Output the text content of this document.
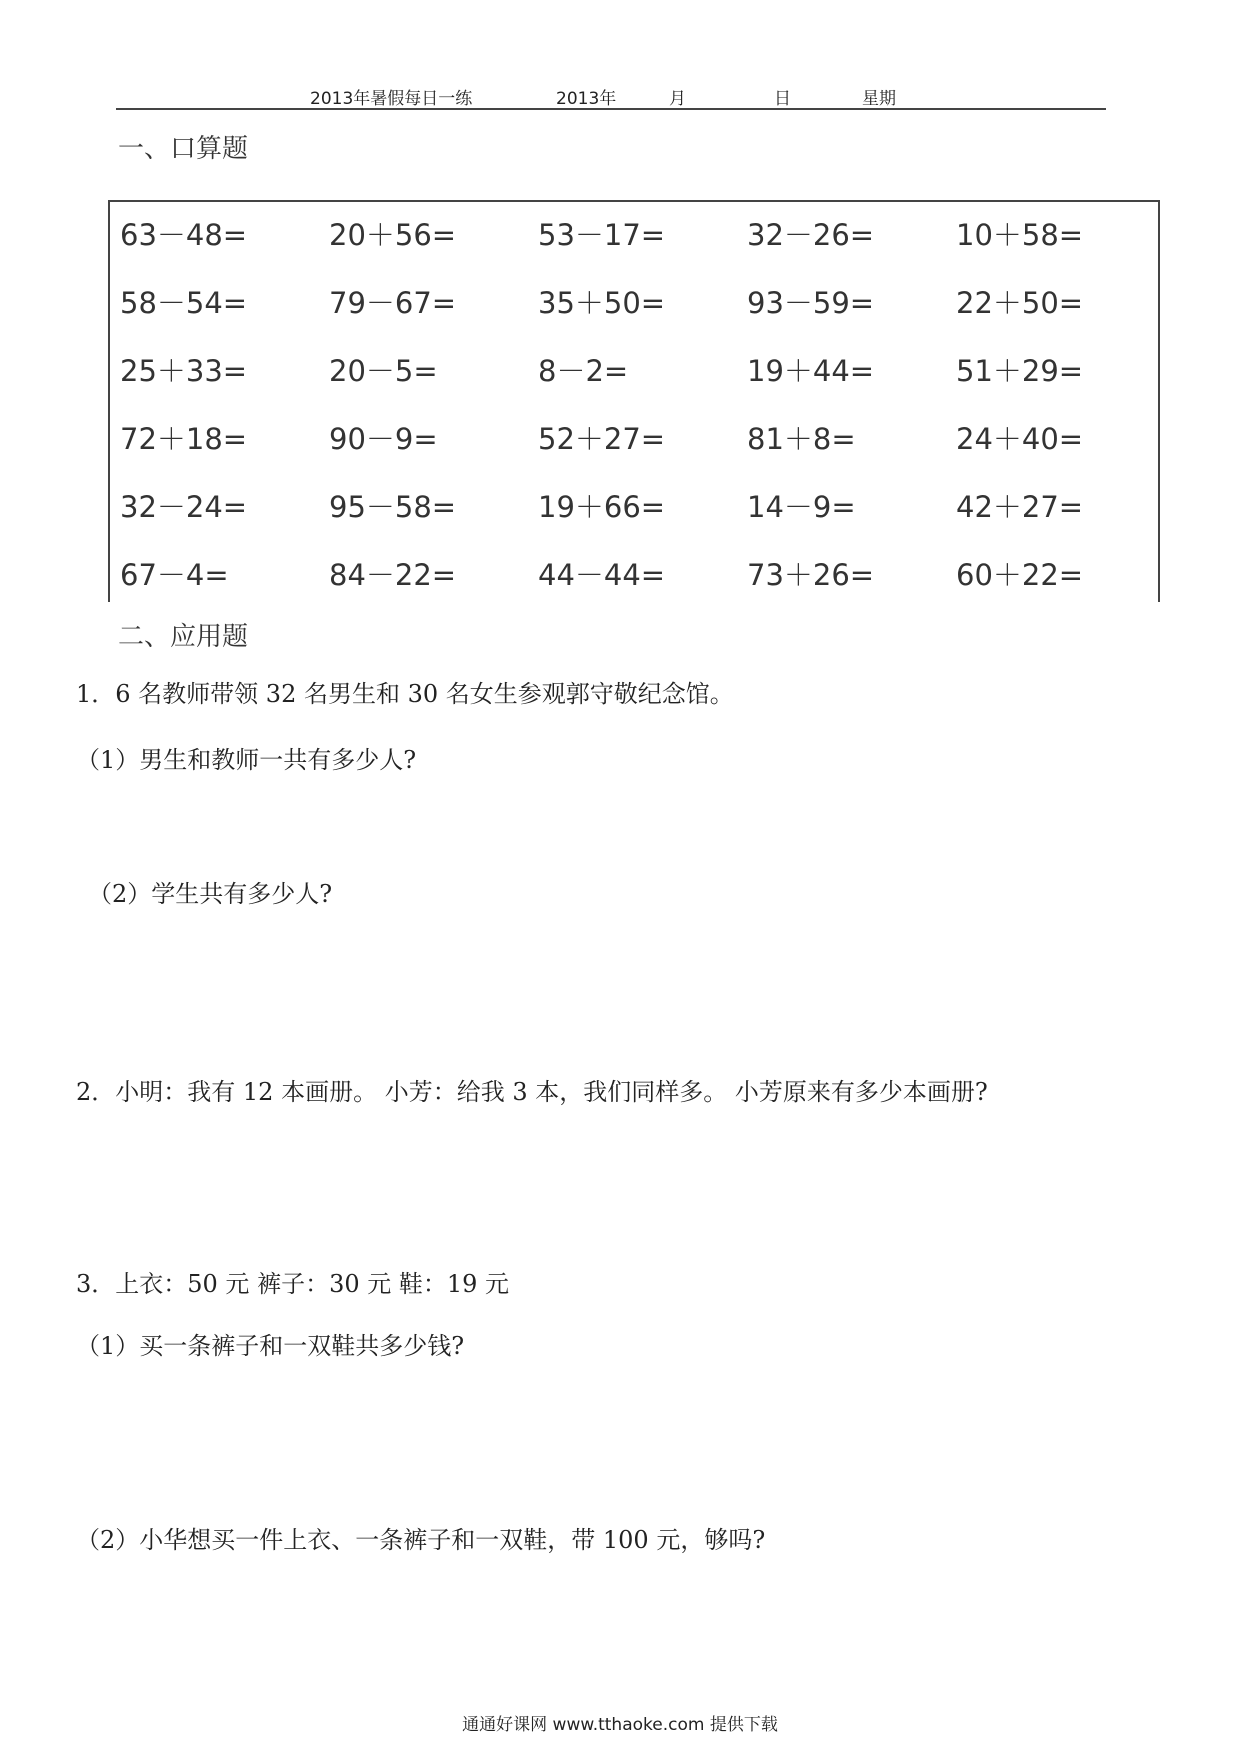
2013年暑假每日一练	2013年	月	日	星期
一、口算题
63－48=	20＋56=	53－17=	32－26=	10＋58=
58－54=	79－67=	35＋50=	93－59=	22＋50=
25＋33=	20－5=	8－2=	19＋44=	51＋29=
72＋18=	90－9=	52＋27=	81＋8=	24＋40=
32－24=	95－58=	19＋66=	14－9=	42＋27=
67－4=	84－22=	44－44=	73＋26=	60＋22=
二、应用题
1．6 名教师带领 32 名男生和 30 名女生参观郭守敬纪念馆。
（1）男生和教师一共有多少人?
（2）学生共有多少人?
2．小明：我有 12 本画册。 小芳：给我 3 本，我们同样多。 小芳原来有多少本画册?
3．上衣：50 元 裤子：30 元 鞋：19 元
（1）买一条裤子和一双鞋共多少钱?
（2）小华想买一件上衣、一条裤子和一双鞋，带 100 元，够吗?
通通好课网 www.tthaoke.com 提供下载
